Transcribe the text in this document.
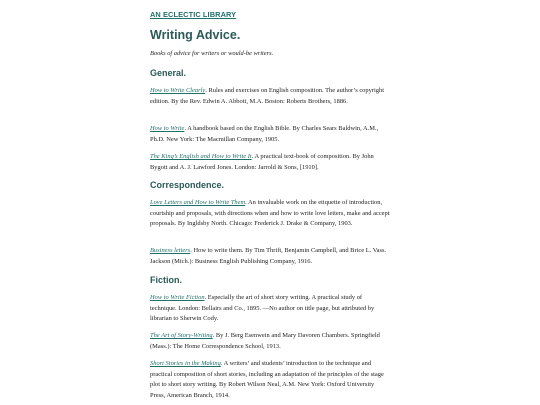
AN ECLECTIC LIBRARY
Writing Advice.

Books of advice for writers or would-be writers.

General.

How to Write Clearly. Rules and exercises on English composition. The author’s copyright edition. By the Rev. Edwin A. Abbott, M.A. Boston: Roberts Brothers, 1886.

How to Write. A handbook based on the English Bible. By Charles Sears Baldwin, A.M., Ph.D. New York: The Macmillan Company, 1905.

The King’s English and How to Write It. A practical text-book of composition. By John Bygott and A. J. Lawford Jones. London: Jarrold & Sons, [1910].

Correspondence.

Love Letters and How to Write Them. An invaluable work on the etiquette of introduction, courtship and proposals, with directions when and how to write love letters, make and accept proposals. By Ingldsby North. Chicago: Frederick J. Drake & Company, 1903.

Business letters. How to write them. By Tim Thrift, Benjamin Campbell, and Brice L. Vass. Jackson (Mich.): Business English Publishing Company, 1916.

Fiction.

How to Write Fiction. Especially the art of short story writing. A practical study of technique. London: Bellairs and Co., 1895. —No author on title page, but attributed by librarian to Sherwin Cody.

The Art of Story-Writing. By J. Berg Esenwein and Mary Davoren Chambers. Springfield (Mass.): The Home Correspondence School, 1913.

Short Stories in the Making. A writers’ and students’ introduction to the technique and practical composition of short stories, including an adaptation of the principles of the stage plot to short story writing. By Robert Wilson Neal, A.M. New York: Oxford University Press, American Branch, 1914.
